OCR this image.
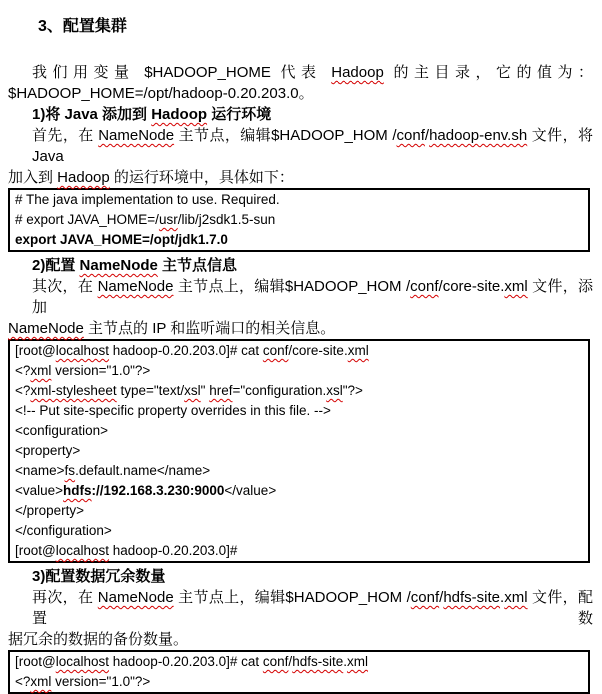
3、配置集群
我们用变量 $HADOOP_HOME 代表 Hadoop 的主目录，它的值为：
$HADOOP_HOME=/opt/hadoop-0.20.203.0。
1)将 Java 添加到 Hadoop 运行环境
首先，在 NameNode 主节点，编辑$HADOOP_HOM /conf/hadoop-env.sh 文件，将 Java
加入到 Hadoop 的运行环境中，具体如下：
# The java implementation to use. Required.
# export JAVA_HOME=/usr/lib/j2sdk1.5-sun
export JAVA_HOME=/opt/jdk1.7.0
2)配置 NameNode 主节点信息
其次，在 NameNode 主节点上，编辑$HADOOP_HOM /conf/core-site.xml 文件，添加
NameNode 主节点的 IP 和监听端口的相关信息。
[root@localhost hadoop-0.20.203.0]# cat conf/core-site.xml
<?xml version="1.0"?>
<?xml-stylesheet type="text/xsl" href="configuration.xsl"?>
<!-- Put site-specific property overrides in this file. -->
<configuration>
<property>
<name>fs.default.name</name>
<value>hdfs://192.168.3.230:9000</value>
</property>
</configuration>
[root@localhost hadoop-0.20.203.0]#
3)配置数据冗余数量
再次，在 NameNode 主节点上，编辑$HADOOP_HOM /conf/hdfs-site.xml 文件，配置数
据冗余的数据的备份数量。
[root@localhost hadoop-0.20.203.0]# cat conf/hdfs-site.xml
<?xml version="1.0"?>
